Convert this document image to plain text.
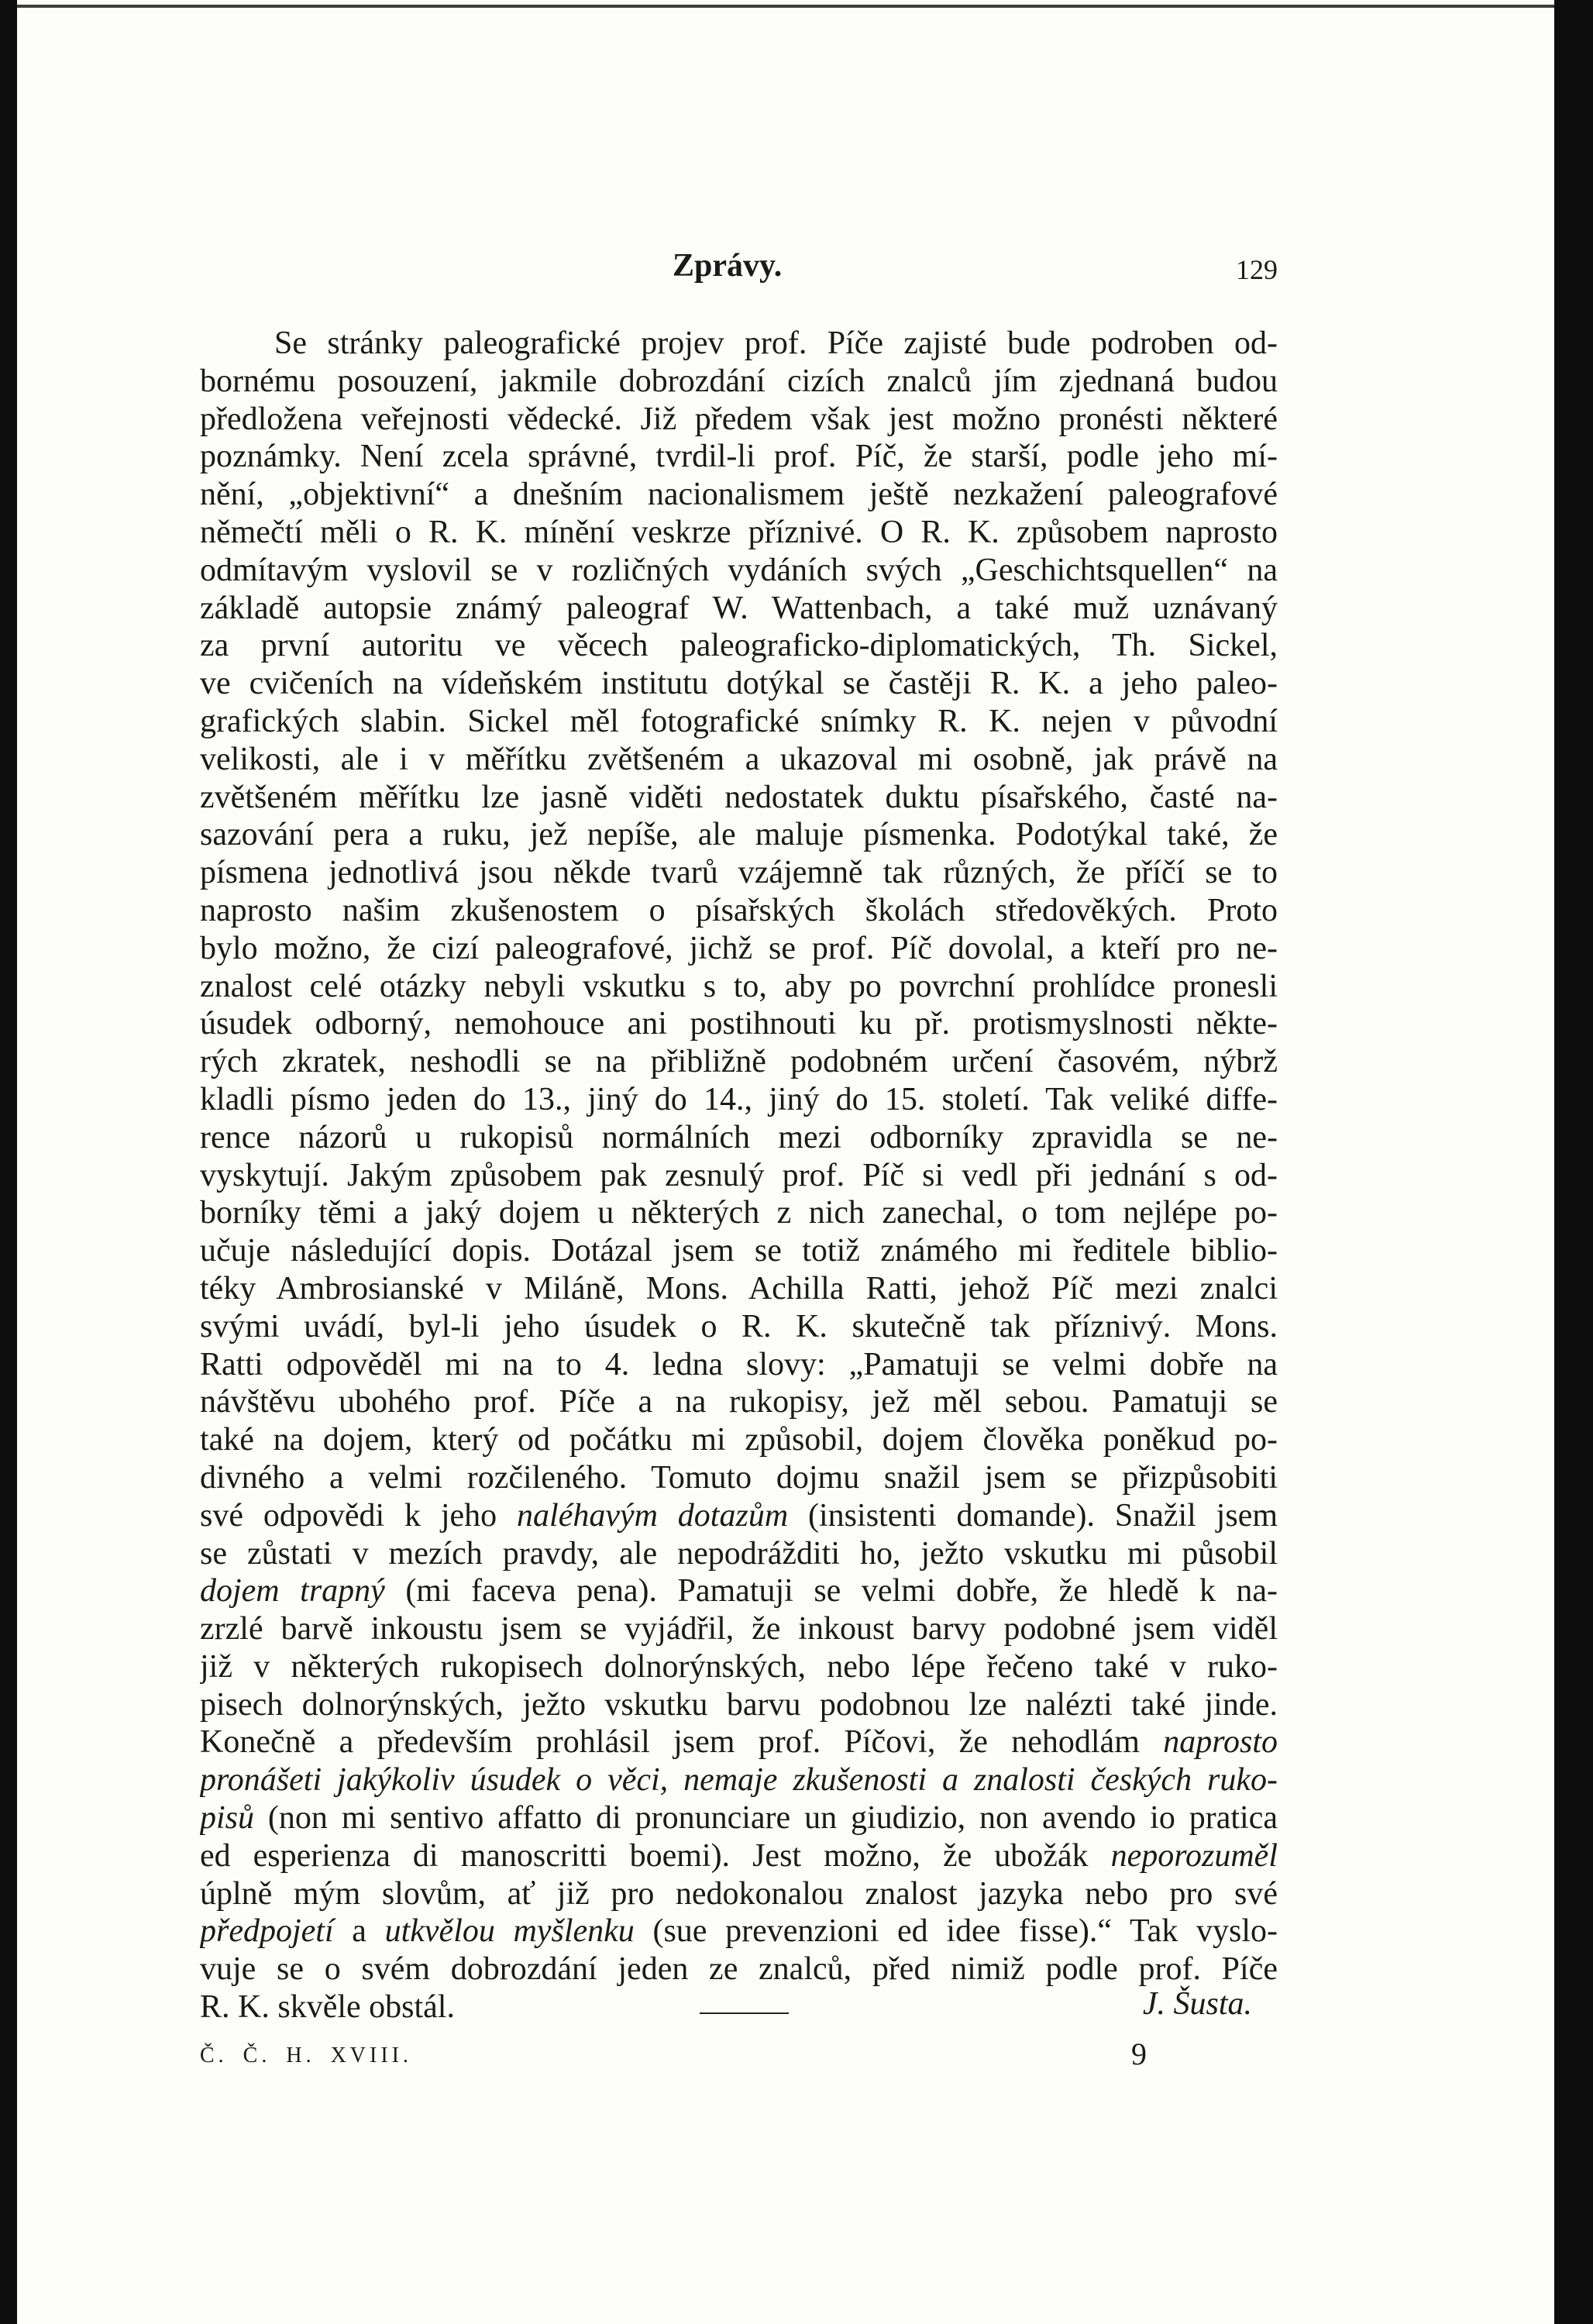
Zprávy.	129
Se stránky paleografické projev prof. Píče zajisté bude podroben od-
bornému posouzení, jakmile dobrozdání cizích znalců jím zjednaná budou
předložena veřejnosti vědecké. Již předem však jest možno pronésti některé
poznámky. Není zcela správné, tvrdil-li prof. Píč, že starší, podle jeho mí-
nění, „objektivní“ a dnešním nacionalismem ještě nezkažení paleografové
němečtí měli o R. K. mínění veskrze příznivé. O R. K. způsobem naprosto
odmítavým vyslovil se v rozličných vydáních svých „Geschichtsquellen“ na
základě autopsie známý paleograf W. Wattenbach, a také muž uznávaný
za první autoritu ve věcech paleograficko-diplomatických, Th. Sickel,
ve cvičeních na vídeňském institutu dotýkal se častěji R. K. a jeho paleo-
grafických slabin. Sickel měl fotografické snímky R. K. nejen v původní
velikosti, ale i v měřítku zvětšeném a ukazoval mi osobně, jak právě na
zvětšeném měřítku lze jasně viděti nedostatek duktu písařského, časté na-
sazování pera a ruku, jež nepíše, ale maluje písmenka. Podotýkal také, že
písmena jednotlivá jsou někde tvarů vzájemně tak různých, že příčí se to
naprosto našim zkušenostem o písařských školách středověkých. Proto
bylo možno, že cizí paleografové, jichž se prof. Píč dovolal, a kteří pro ne-
znalost celé otázky nebyli vskutku s to, aby po povrchní prohlídce pronesli
úsudek odborný, nemohouce ani postihnouti ku př. protismyslnosti někte-
rých zkratek, neshodli se na přibližně podobném určení časovém, nýbrž
kladli písmo jeden do 13., jiný do 14., jiný do 15. století. Tak veliké diffe-
rence názorů u rukopisů normálních mezi odborníky zpravidla se ne-
vyskytují. Jakým způsobem pak zesnulý prof. Píč si vedl při jednání s od-
borníky těmi a jaký dojem u některých z nich zanechal, o tom nejlépe po-
učuje následující dopis. Dotázal jsem se totiž známého mi ředitele biblio-
téky Ambrosianské v Miláně, Mons. Achilla Ratti, jehož Píč mezi znalci
svými uvádí, byl-li jeho úsudek o R. K. skutečně tak příznivý. Mons.
Ratti odpověděl mi na to 4. ledna slovy: „Pamatuji se velmi dobře na
návštěvu ubohého prof. Píče a na rukopisy, jež měl sebou. Pamatuji se
také na dojem, který od počátku mi způsobil, dojem člověka poněkud po-
divného a velmi rozčileného. Tomuto dojmu snažil jsem se přizpůsobiti
své odpovědi k jeho naléhavým dotazům (insistenti domande). Snažil jsem
se zůstati v mezích pravdy, ale nepodrážditi ho, ježto vskutku mi působil
dojem trapný (mi faceva pena). Pamatuji se velmi dobře, že hledě k na-
zrzlé barvě inkoustu jsem se vyjádřil, že inkoust barvy podobné jsem viděl
již v některých rukopisech dolnorýnských, nebo lépe řečeno také v ruko-
pisech dolnorýnských, ježto vskutku barvu podobnou lze nalézti také jinde.
Konečně a především prohlásil jsem prof. Píčovi, že nehodlám naprosto
pronášeti jakýkoliv úsudek o věci, nemaje zkušenosti a znalosti českých ruko-
pisů (non mi sentivo affatto di pronunciare un giudizio, non avendo io pratica
ed esperienza di manoscritti boemi). Jest možno, že ubožák neporozuměl
úplně mým slovům, ať již pro nedokonalou znalost jazyka nebo pro své
předpojetí a utkvělou myšlenku (sue prevenzioni ed idee fisse).“ Tak vyslo-
vuje se o svém dobrozdání jeden ze znalců, před nimiž podle prof. Píče
R. K. skvěle obstál.	J. Šusta.
Č. Č. H. XVIII.	9
